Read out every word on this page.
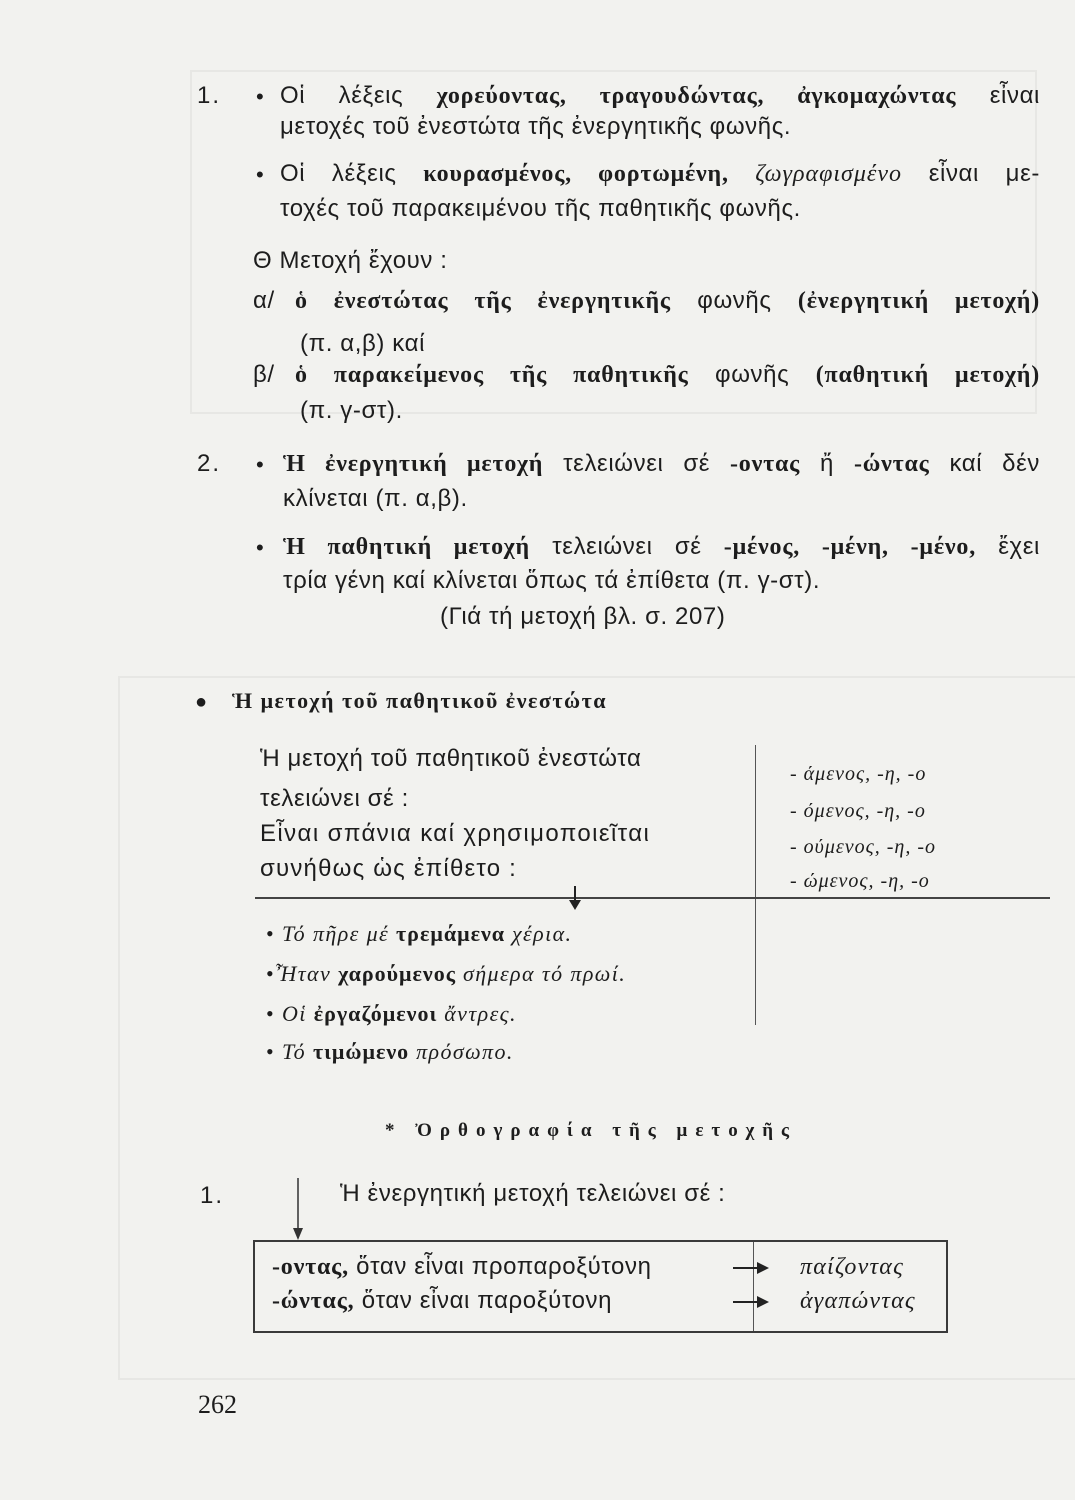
1. • Οἱ λέξεις χορεύοντας, τραγουδώντας, ἀγκομαχώντας εἶναι
μετοχές τοῦ ἐνεστώτα τῆς ἐνεργητικῆς φωνῆς.
• Οἱ λέξεις κουρασμένος, φορτωμένη, ζωγραφισμένο εἶναι με-
τοχές τοῦ παρακειμένου τῆς παθητικῆς φωνῆς.
Θ Μετοχή ἔχουν :
α/ ὁ ἐνεστώτας τῆς ἐνεργητικῆς φωνῆς (ἐνεργητική μετοχή)
(π. α,β) καί
β/ ὁ παρακείμενος τῆς παθητικῆς φωνῆς (παθητική μετοχή)
(π. γ-στ).
2. • Ἡ ἐνεργητική μετοχή τελειώνει σέ -οντας ἤ -ώντας καί δέν
κλίνεται (π. α,β).
• Ἡ παθητική μετοχή τελειώνει σέ -μένος, -μένη, -μένο, ἔχει
τρία γένη καί κλίνεται ὅπως τά ἐπίθετα (π. γ-στ).
(Γιά τή μετοχή βλ. σ. 207)
● Ἡ μετοχή τοῦ παθητικοῦ ἐνεστώτα
Ἡ μετοχή τοῦ παθητικοῦ ἐνεστώτα
τελειώνει σέ :
Εἶναι σπάνια καί χρησιμοποιεῖται
συνήθως ὡς ἐπίθετο :
- άμενος, -η, -ο
- όμενος, -η, -ο
- ούμενος, -η, -ο
- ώμενος, -η, -ο
• Τό πῆρε μέ τρεμάμενα χέρια.
•Ἦταν χαρούμενος σήμερα τό πρωί.
• Οἱ ἐργαζόμενοι ἄντρες.
• Τό τιμώμενο πρόσωπο.
* Ὀρθογραφία τῆς μετοχῆς
1.	Ἡ ἐνεργητική μετοχή τελειώνει σέ :
-οντας, ὅταν εἶναι προπαροξύτονη	παίζοντας
-ώντας, ὅταν εἶναι παροξύτονη	ἀγαπώντας
262
